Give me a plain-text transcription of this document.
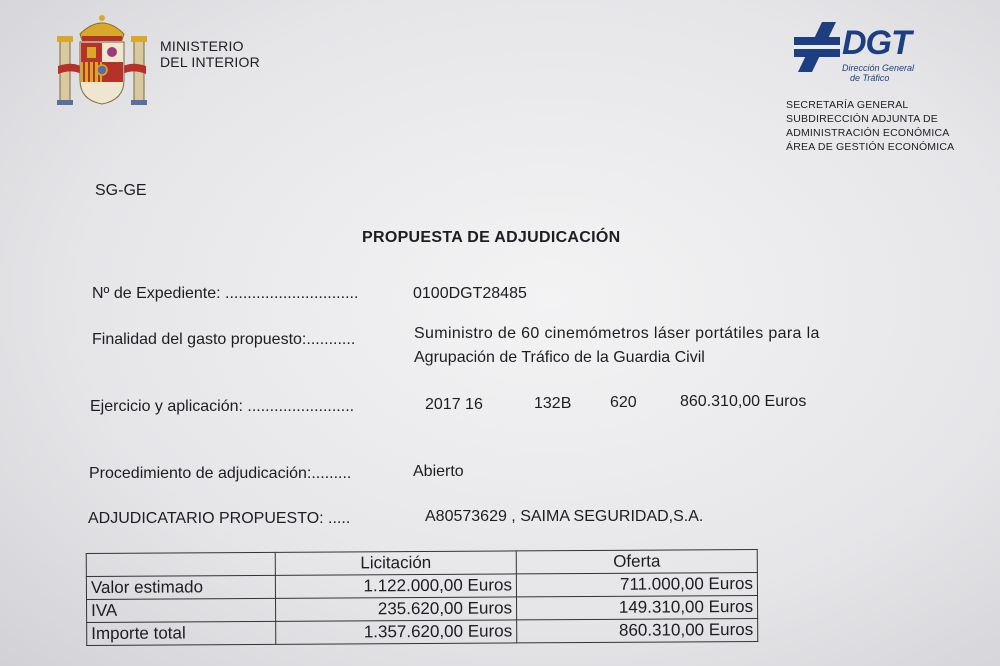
MINISTERIO
DEL INTERIOR	DGT
Dirección General
de Tráfico
SECRETARÍA GENERAL
SUBDIRECCIÓN ADJUNTA DE
ADMINISTRACIÓN ECONÓMICA
ÁREA DE GESTIÓN ECONÓMICA
SG-GE
PROPUESTA DE ADJUDICACIÓN
Nº de Expediente: ..............................	0100DGT28485
Finalidad del gasto propuesto:...........	Suministro de 60 cinemómetros láser portátiles para la
Agrupación de Tráfico de la Guardia Civil
Ejercicio y aplicación: ........................	2017 16	132B 620	860.310,00 Euros
Procedimiento de adjudicación:.........	Abierto
ADJUDICATARIO PROPUESTO: .....	A80573629 , SAIMA SEGURIDAD,S.A.
	Licitación	Oferta
Valor estimado	1.122.000,00 Euros	711.000,00 Euros
IVA	235.620,00 Euros	149.310,00 Euros
Importe total	1.357.620,00 Euros	860.310,00 Euros
